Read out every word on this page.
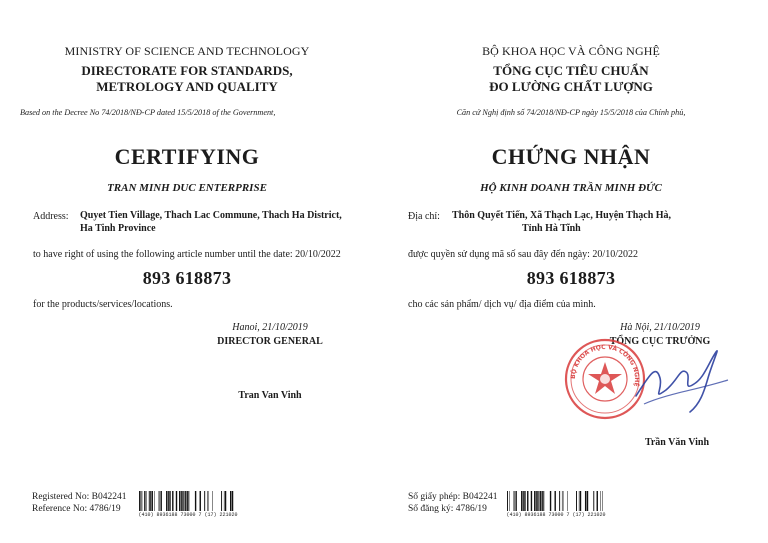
MINISTRY OF SCIENCE AND TECHNOLOGY
DIRECTORATE FOR STANDARDS,
METROLOGY AND QUALITY
Based on the Decree No 74/2018/NĐ-CP dated 15/5/2018 of the Government,
CERTIFYING
TRAN MINH DUC ENTERPRISE
Address: Quyet Tien Village, Thach Lac Commune, Thach Ha District,
Ha Tinh Province
to have right of using the following article number until the date: 20/10/2022
893 618873
for the products/services/locations.
Hanoi, 21/10/2019
DIRECTOR GENERAL
Tran Van Vinh
Registered No: B042241
Reference No: 4786/19
(410) 8936188 73000 7 (17) 221020
BỘ KHOA HỌC VÀ CÔNG NGHỆ
TỔNG CỤC TIÊU CHUẨN
ĐO LƯỜNG CHẤT LƯỢNG
Căn cứ Nghị định số 74/2018/NĐ-CP ngày 15/5/2018 của Chính phủ,
CHỨNG NHẬN
HỘ KINH DOANH TRẦN MINH ĐỨC
Địa chỉ: Thôn Quyết Tiến, Xã Thạch Lạc, Huyện Thạch Hà,
Tỉnh Hà Tĩnh
được quyền sử dụng mã số sau đây đến ngày: 20/10/2022
893 618873
cho các sản phẩm/ dịch vụ/ địa điểm của mình.
Hà Nội, 21/10/2019
TỔNG CỤC TRƯỞNG
BỘ KHOA HỌC VÀ CÔNG NGHỆ
Trần Văn Vinh
Số giấy phép: B042241
Số đăng ký: 4786/19
(410) 8936188 73000 7 (17) 221020
